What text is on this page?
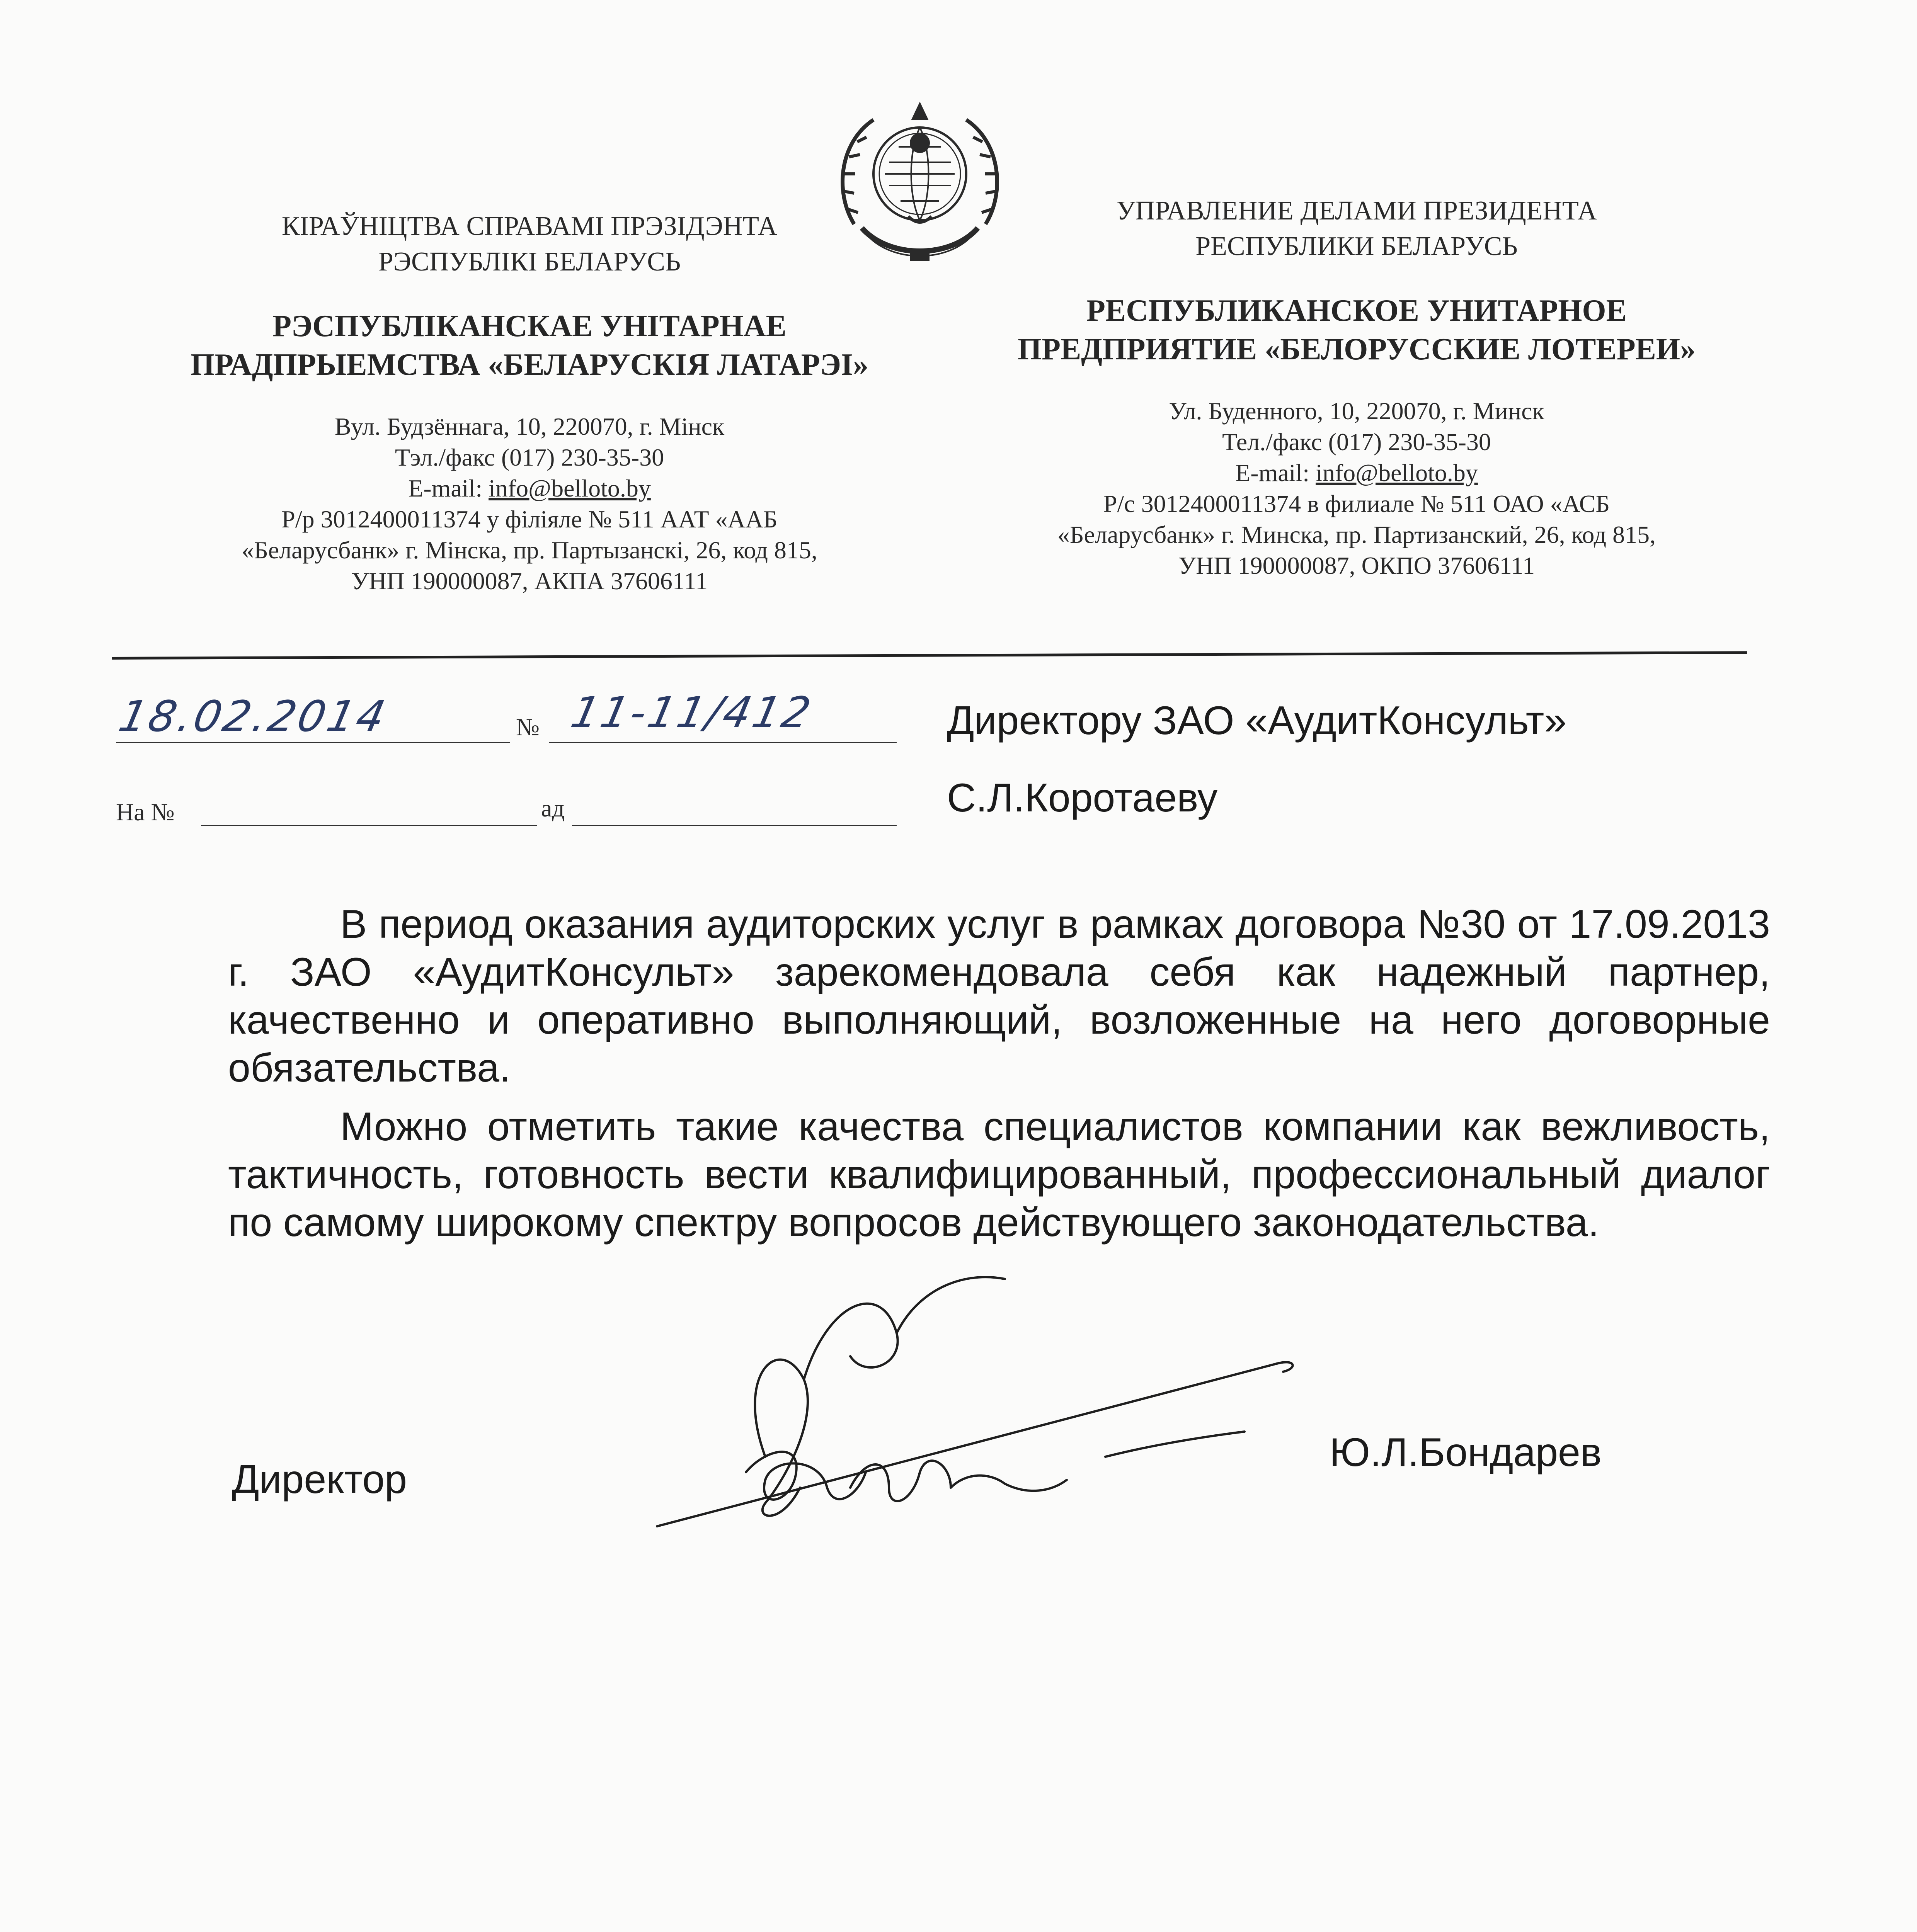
КІРАЎНІЦТВА СПРАВАМІ ПРЭЗІДЭНТА
РЭСПУБЛІКІ БЕЛАРУСЬ
РЭСПУБЛІКАНСКАЕ УНІТАРНАЕ
ПРАДПРЫЕМСТВА «БЕЛАРУСКІЯ ЛАТАРЭІ»
Вул. Будзённага, 10, 220070, г. Мінск
Тэл./факс (017) 230-35-30
E-mail: info@belloto.by
Р/р 3012400011374 у філіяле № 511 ААТ «ААБ
«Беларусбанк» г. Мінска, пр. Партызанскі, 26, код 815,
УНП 190000087, АКПА 37606111
УПРАВЛЕНИЕ ДЕЛАМИ ПРЕЗИДЕНТА
РЕСПУБЛИКИ БЕЛАРУСЬ
РЕСПУБЛИКАНСКОЕ УНИТАРНОЕ
ПРЕДПРИЯТИЕ «БЕЛОРУССКИЕ ЛОТЕРЕИ»
Ул. Буденного, 10, 220070, г. Минск
Тел./факс (017) 230-35-30
E-mail: info@belloto.by
Р/с 3012400011374 в филиале № 511 ОАО «АСБ
«Беларусбанк» г. Минска, пр. Партизанский, 26, код 815,
УНП 190000087, ОКПО 37606111
18.02.2014	№ 11-11/412
На №	ад
Директору ЗАО «АудитКонсульт»
С.Л.Коротаеву

В период оказания аудиторских услуг в рамках договора №30 от 17.09.2013 г. ЗАО «АудитКонсульт» зарекомендовала себя как надежный партнер, качественно и оперативно выполняющий, возложенные на него договорные обязательства.

Можно отметить такие качества специалистов компании как вежливость, тактичность, готовность вести квалифицированный, профессиональный диалог по самому широкому спектру вопросов действующего законодательства.

Директор
Ю.Л.Бондарев
